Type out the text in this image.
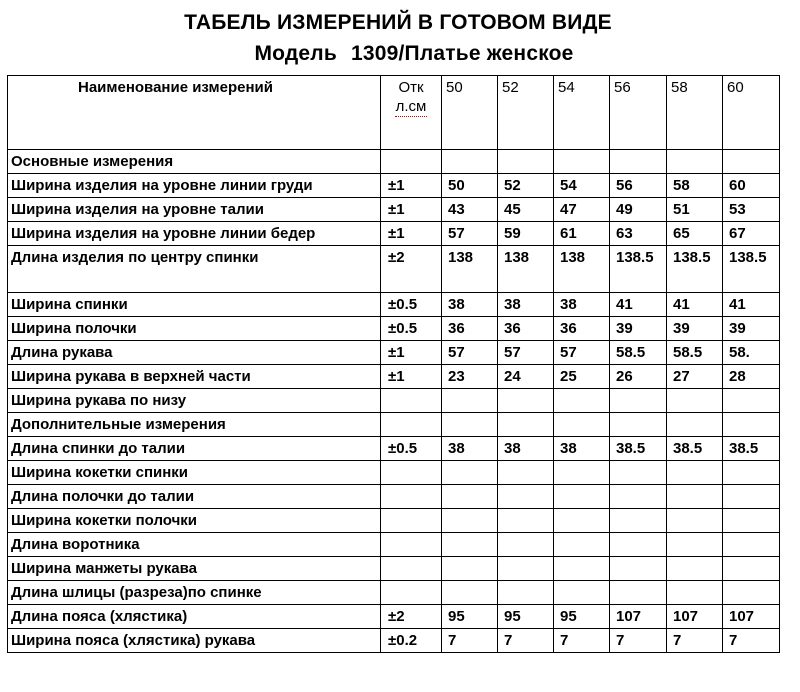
ТАБЕЛЬ ИЗМЕРЕНИЙ В ГОТОВОМ ВИДЕ
Модель 1309/Платье женское
Наименование измерений	Откл.см	50	52	54	56	58	60
Основные измерения							
Ширина изделия на уровне линии груди	±1	50	52	54	56	58	60
Ширина изделия на уровне талии	±1	43	45	47	49	51	53
Ширина изделия на уровне линии бедер	±1	57	59	61	63	65	67
Длина изделия по центру спинки	±2	138	138	138	138.5	138.5	138.5
Ширина спинки	±0.5	38	38	38	41	41	41
Ширина полочки	±0.5	36	36	36	39	39	39
Длина рукава	±1	57	57	57	58.5	58.5	58.
Ширина рукава в верхней части	±1	23	24	25	26	27	28
Ширина рукава по низу							
Дополнительные измерения							
Длина спинки до талии	±0.5	38	38	38	38.5	38.5	38.5
Ширина кокетки спинки							
Длина полочки до талии							
Ширина кокетки полочки							
Длина воротника							
Ширина манжеты рукава							
Длина шлицы (разреза)по спинке							
Длина пояса (хлястика)	±2	95	95	95	107	107	107
Ширина пояса (хлястика) рукава	±0.2	7	7	7	7	7	7
